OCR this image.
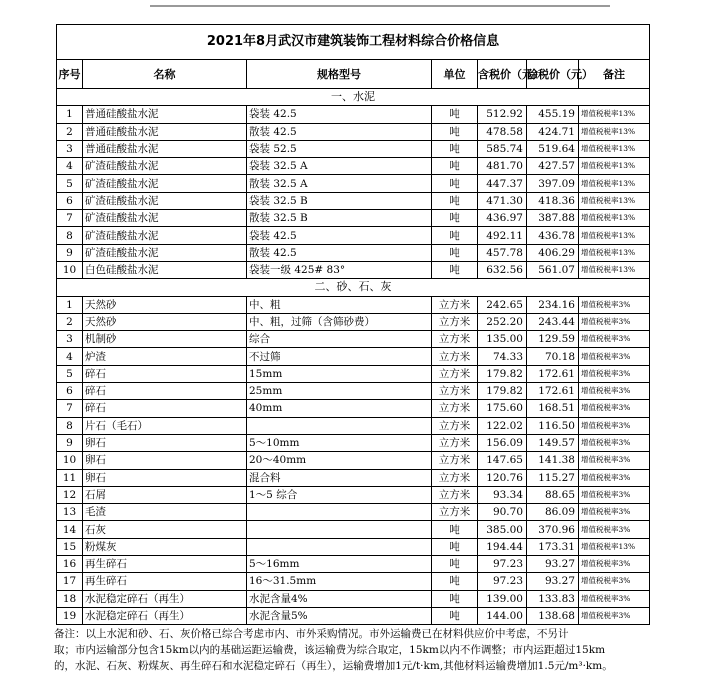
2021年8月武汉市建筑装饰工程材料综合价格信息						
序号	名称	规格型号	单位	含税价（元）	除税价（元）	备注
一、水泥						
1	普通硅酸盐水泥	袋装 42.5	吨	512.92	455.19	增值税税率13%
2	普通硅酸盐水泥	散装 42.5	吨	478.58	424.71	增值税税率13%
3	普通硅酸盐水泥	袋装 52.5	吨	585.74	519.64	增值税税率13%
4	矿渣硅酸盐水泥	袋装 32.5 A	吨	481.70	427.57	增值税税率13%
5	矿渣硅酸盐水泥	散装 32.5 A	吨	447.37	397.09	增值税税率13%
6	矿渣硅酸盐水泥	袋装 32.5 B	吨	471.30	418.36	增值税税率13%
7	矿渣硅酸盐水泥	散装 32.5 B	吨	436.97	387.88	增值税税率13%
8	矿渣硅酸盐水泥	袋装 42.5	吨	492.11	436.78	增值税税率13%
9	矿渣硅酸盐水泥	散装 42.5	吨	457.78	406.29	增值税税率13%
10	白色硅酸盐水泥	袋装一级 425# 83°	吨	632.56	561.07	增值税税率13%
二、砂、石、灰						
1	天然砂	中、粗	立方米	242.65	234.16	增值税税率3%
2	天然砂	中、粗，过筛（含筛砂费）	立方米	252.20	243.44	增值税税率3%
3	机制砂	综合	立方米	135.00	129.59	增值税税率3%
4	炉渣	不过筛	立方米	74.33	70.18	增值税税率3%
5	碎石	15mm	立方米	179.82	172.61	增值税税率3%
6	碎石	25mm	立方米	179.82	172.61	增值税税率3%
7	碎石	40mm	立方米	175.60	168.51	增值税税率3%
8	片石（毛石）		立方米	122.02	116.50	增值税税率3%
9	卵石	5～10mm	立方米	156.09	149.57	增值税税率3%
10	卵石	20～40mm	立方米	147.65	141.38	增值税税率3%
11	卵石	混合料	立方米	120.76	115.27	增值税税率3%
12	石屑	1～5 综合	立方米	93.34	88.65	增值税税率3%
13	毛渣		立方米	90.70	86.09	增值税税率3%
14	石灰		吨	385.00	370.96	增值税税率3%
15	粉煤灰		吨	194.44	173.31	增值税税率13%
16	再生碎石	5～16mm	吨	97.23	93.27	增值税税率3%
17	再生碎石	16～31.5mm	吨	97.23	93.27	增值税税率3%
18	水泥稳定碎石（再生）	水泥含量4%	吨	139.00	133.83	增值税税率3%
19	水泥稳定碎石（再生）	水泥含量5%	吨	144.00	138.68	增值税税率3%

备注：以上水泥和砂、石、灰价格已综合考虑市内、市外采购情况。市外运输费已在材料供应价中考虑，不另计

取；市内运输部分包含15km以内的基础运距运输费，该运输费为综合取定，15km以内不作调整；市内运距超过15km

的，水泥、石灰、粉煤灰、再生碎石和水泥稳定碎石（再生），运输费增加1元/t·km,其他材料运输费增加1.5元/m³·km。
